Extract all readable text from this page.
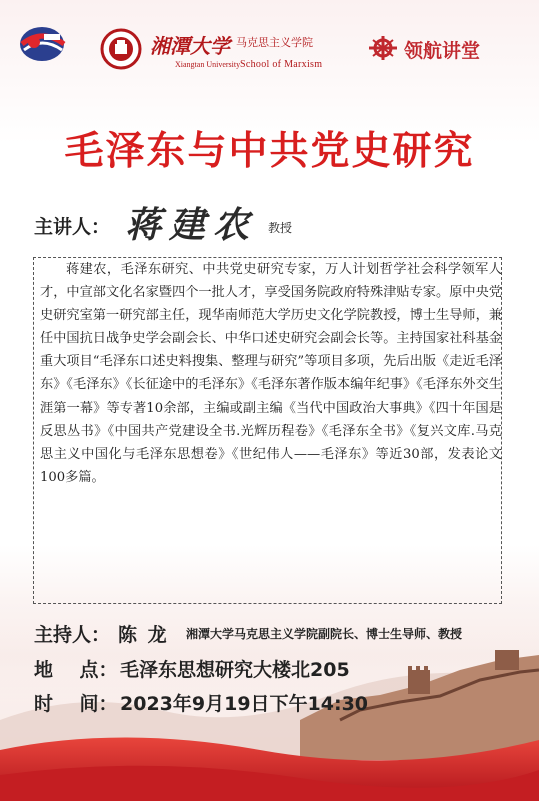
湘潭大学 马克思主义学院
Xiangtan University School of Marxism
领航讲堂
毛泽东与中共党史研究
主讲人： 蒋建农 教授
蒋建农，毛泽东研究、中共党史研究专家，万人计划哲学社会科学领军人才，中宣部文化名家暨四个一批人才，享受国务院政府特殊津贴专家。原中央党史研究室第一研究部主任，现华南师范大学历史文化学院教授，博士生导师，兼任中国抗日战争史学会副会长、中华口述史研究会副会长等。主持国家社科基金重大项目“毛泽东口述史料搜集、整理与研究”等项目多项，先后出版《走近毛泽东》《毛泽东》《长征途中的毛泽东》《毛泽东著作版本编年纪事》《毛泽东外交生涯第一幕》等专著10余部，主编或副主编《当代中国政治大事典》《四十年国是反思丛书》《中国共产党建设全书.光辉历程卷》《毛泽东全书》《复兴文库.马克思主义中国化与毛泽东思想卷》《世纪伟人——毛泽东》等近30部，发表论文100多篇。
主持人： 陈 龙 湘潭大学马克思主义学院副院长、博士生导师、教授
地    点： 毛泽东思想研究大楼北205
时    间： 2023年9月19日下午14:30
